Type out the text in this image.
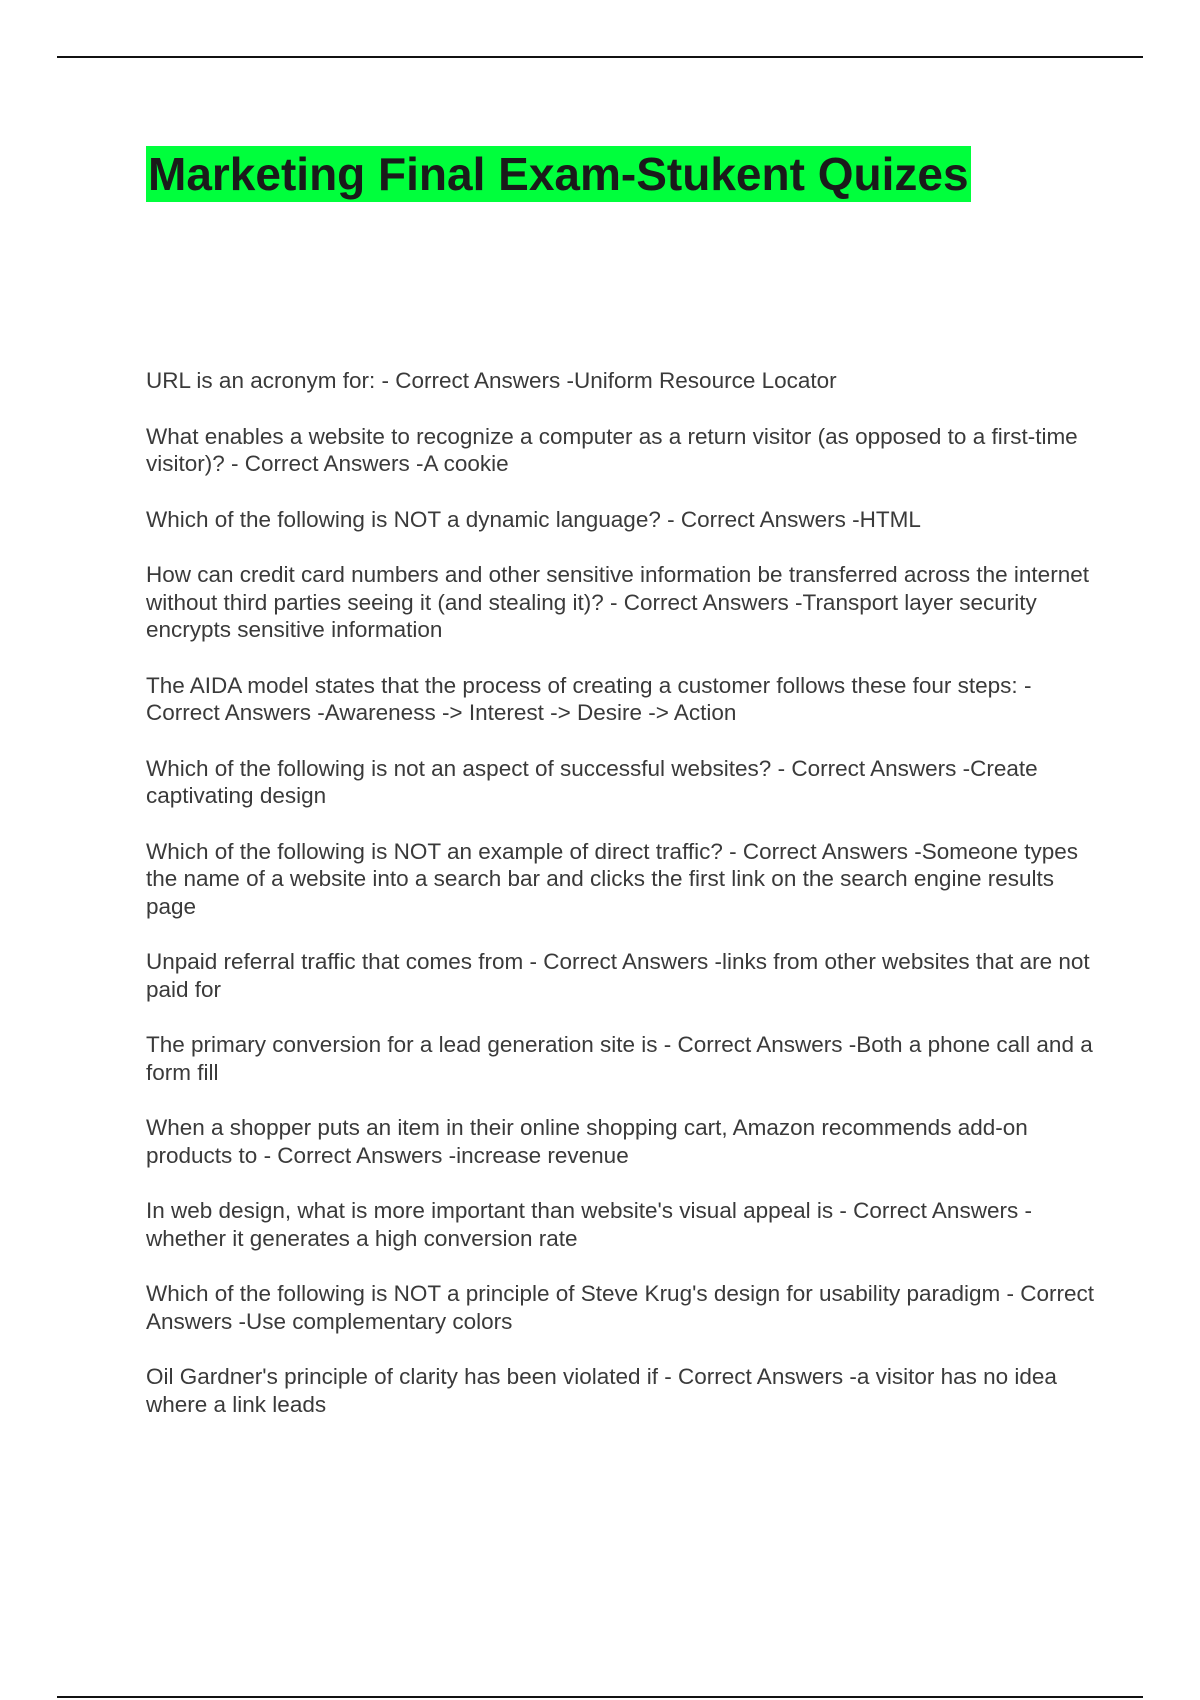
Marketing Final Exam-Stukent Quizes

URL is an acronym for: - Correct Answers -Uniform Resource Locator

What enables a website to recognize a computer as a return visitor (as opposed to a first-time visitor)? - Correct Answers -A cookie

Which of the following is NOT a dynamic language? - Correct Answers -HTML

How can credit card numbers and other sensitive information be transferred across the internet without third parties seeing it (and stealing it)? - Correct Answers -Transport layer security encrypts sensitive information

The AIDA model states that the process of creating a customer follows these four steps: - Correct Answers -Awareness -> Interest -> Desire -> Action

Which of the following is not an aspect of successful websites? - Correct Answers -Create captivating design

Which of the following is NOT an example of direct traffic? - Correct Answers -Someone types the name of a website into a search bar and clicks the first link on the search engine results page

Unpaid referral traffic that comes from - Correct Answers -links from other websites that are not paid for

The primary conversion for a lead generation site is - Correct Answers -Both a phone call and a form fill

When a shopper puts an item in their online shopping cart, Amazon recommends add-on products to - Correct Answers -increase revenue

In web design, what is more important than website's visual appeal is - Correct Answers -whether it generates a high conversion rate

Which of the following is NOT a principle of Steve Krug's design for usability paradigm - Correct Answers -Use complementary colors

Oil Gardner's principle of clarity has been violated if - Correct Answers -a visitor has no idea where a link leads
